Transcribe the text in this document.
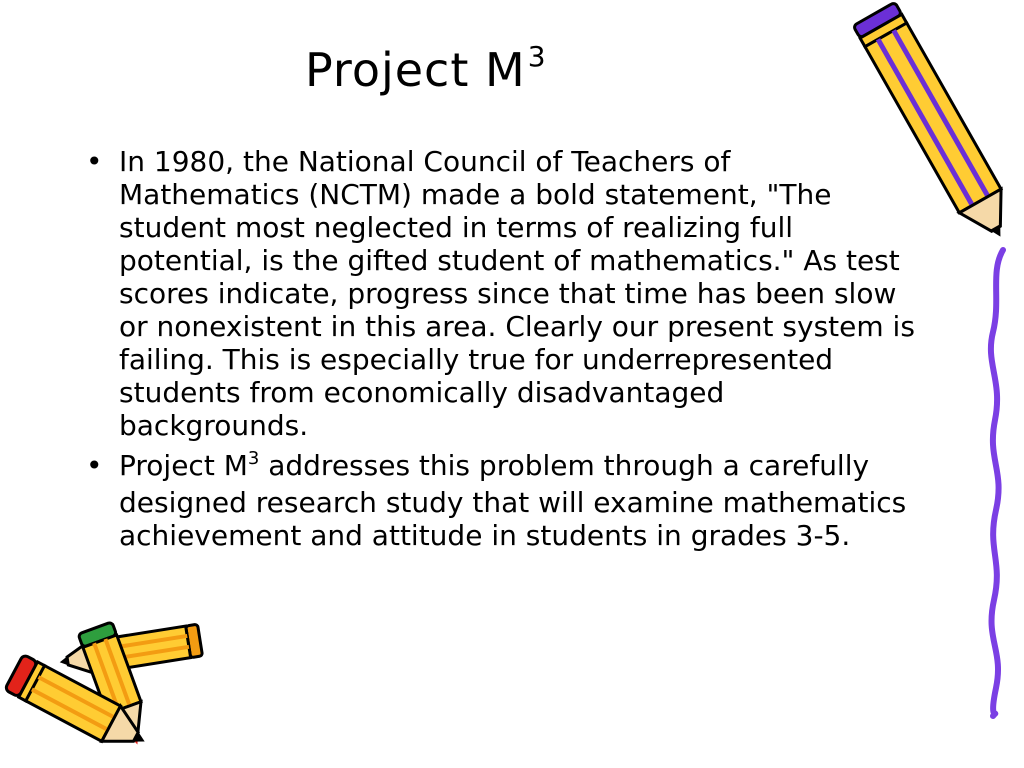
Project $M^3$
• In 1980, the National Council of Teachers of Mathematics (NCTM) made a bold statement, "The student most neglected in terms of realizing full potential, is the gifted student of mathematics." As test scores indicate, progress since that time has been slow or nonexistent in this area. Clearly our present system is failing. This is especially true for underrepresented students from economically disadvantaged backgrounds.
• Project $M^3$ addresses this problem through a carefully designed research study that will examine mathematics achievement and attitude in students in grades 3-5.
